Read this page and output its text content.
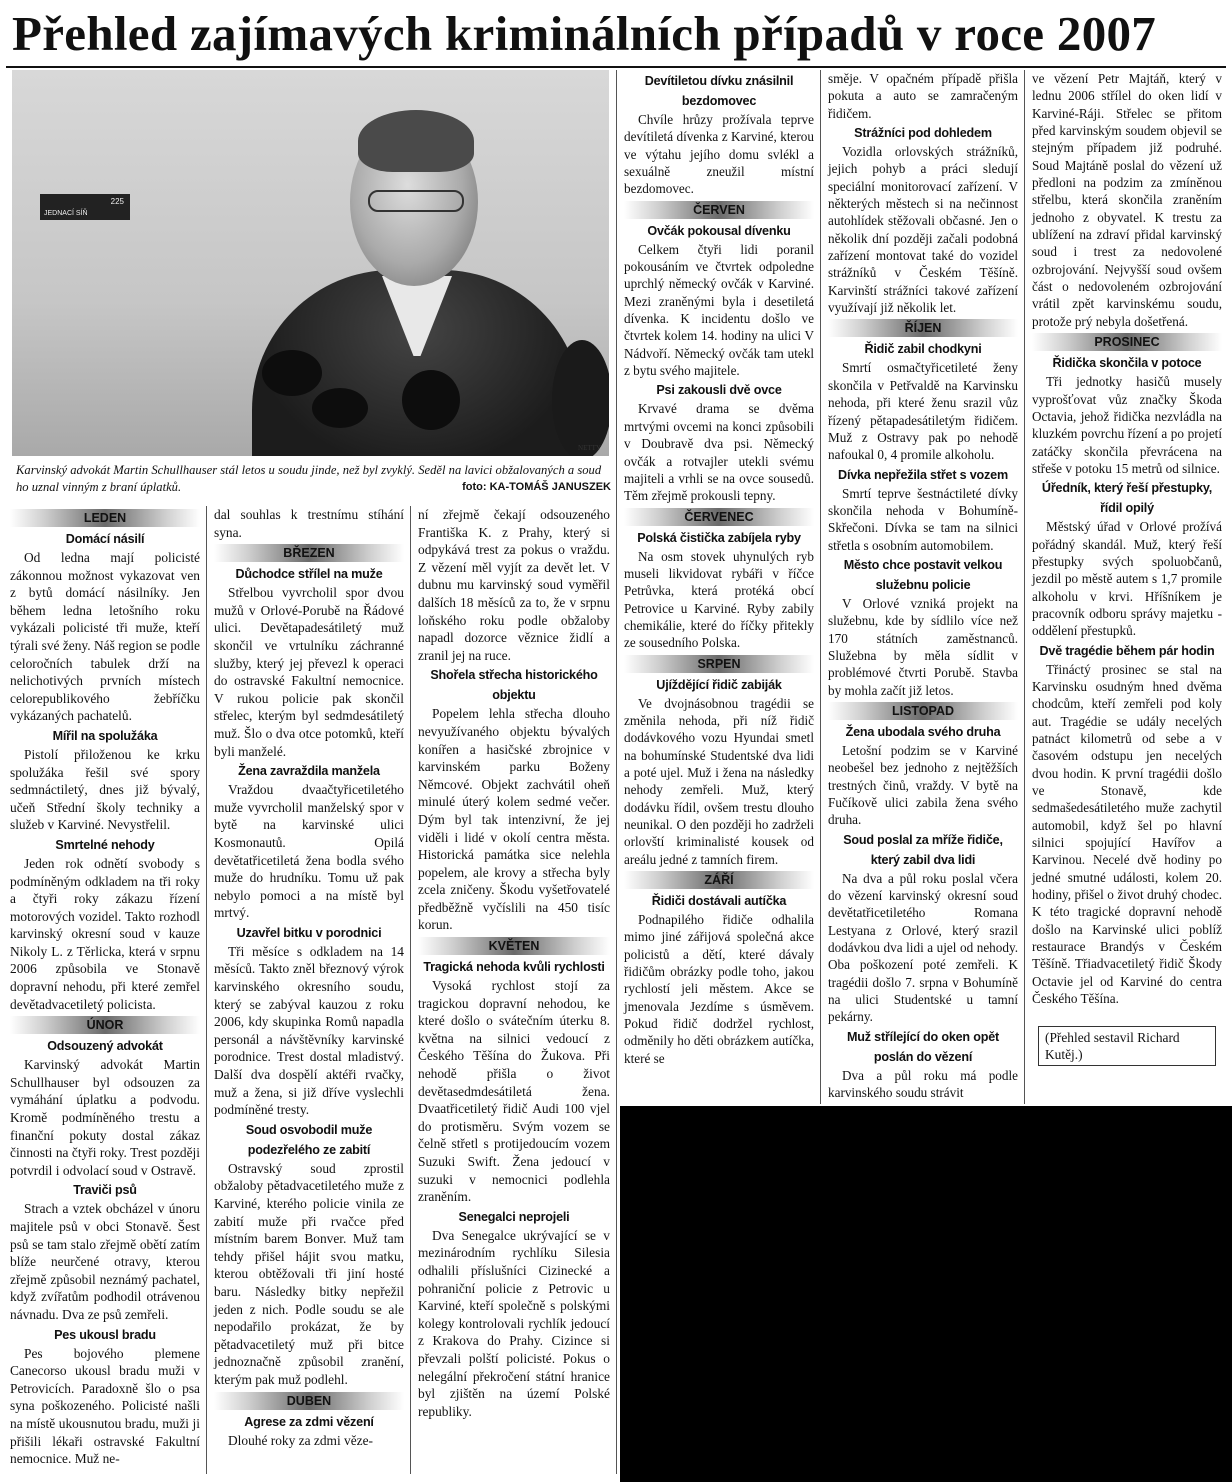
Přehled zajímavých kriminálních případů v roce 2007
225
JEDNACÍ SÍŇ
NETTY
Karvinský advokát Martin Schullhauser stál letos u soudu jinde, než byl zvyklý. Seděl na lavici obžalovaných a soud ho uznal vinným z braní úplatků.	foto: KA-TOMÁŠ JANUSZEK
LEDEN
Domácí násilí

Od ledna mají policisté zákonnou možnost vykazovat ven z bytů domácí násilníky. Jen během ledna letošního roku vykázali policisté tři muže, kteří týrali své ženy. Náš region se podle celoročních tabulek drží na nelichotivých prvních místech celorepublikového žebříčku vykázaných pachatelů.

Mířil na spolužáka

Pistolí přiloženou ke krku spolužáka řešil své spory sedmnáctiletý, dnes již bývalý, učeň Střední školy techniky a služeb v Karviné. Nevystřelil.

Smrtelné nehody

Jeden rok odnětí svobody s podmíněným odkladem na tři roky a čtyři roky zákazu řízení motorových vozidel. Takto rozhodl karvinský okresní soud v kauze Nikoly L. z Těrlicka, která v srpnu 2006 způsobila ve Stonavě dopravní nehodu, při které zemřel devětadvacetiletý policista.

ÚNOR
Odsouzený advokát

Karvinský advokát Martin Schullhauser byl odsouzen za vymáhání úplatku a podvodu. Kromě podmíněného trestu a finanční pokuty dostal zákaz činnosti na čtyři roky. Trest později potvrdil i odvolací soud v Ostravě.

Traviči psů

Strach a vztek obcházel v únoru majitele psů v obci Stonavě. Šest psů se tam stalo zřejmě obětí zatím blíže neurčené otravy, kterou zřejmě způsobil neznámý pachatel, když zvířatům podhodil otrávenou návnadu. Dva ze psů zemřeli.

Pes ukousl bradu

Pes bojového plemene Canecorso ukousl bradu muži v Petrovicích. Paradoxně šlo o psa syna poškozeného. Policisté našli na místě ukousnutou bradu, muži ji přišili lékaři ostravské Fakultní nemocnice. Muž ne-

dal souhlas k trestnímu stíhání syna.

BŘEZEN
Důchodce střílel na muže

Střelbou vyvrcholil spor dvou mužů v Orlové-Porubě na Řádové ulici. Devětapadesátiletý muž skončil ve vrtulníku záchranné služby, který jej převezl k operaci do ostravské Fakultní nemocnice. V rukou policie pak skončil střelec, kterým byl sedmdesátiletý muž. Šlo o dva otce potomků, kteří byli manželé.

Žena zavraždila manžela

Vraždou dvaačtyřicetiletého muže vyvrcholil manželský spor v bytě na karvinské ulici Kosmonautů. Opilá devětatřicetiletá žena bodla svého muže do hrudníku. Tomu už pak nebylo pomoci a na místě byl mrtvý.

Uzavřel bitku v porodnici

Tři měsíce s odkladem na 14 měsíců. Takto zněl březnový výrok karvinského okresního soudu, který se zabýval kauzou z roku 2006, kdy skupinka Romů napadla personál a návštěvníky karvinské porodnice. Trest dostal mladistvý. Další dva dospělí aktéři rvačky, muž a žena, si již dříve vyslechli podmíněné tresty.

Soud osvobodil muže podezřelého ze zabití

Ostravský soud zprostil obžaloby pětadvacetiletého muže z Karviné, kterého policie vinila ze zabití muže při rvačce před místním barem Bonver. Muž tam tehdy přišel hájit svou matku, kterou obtěžovali tři jiní hosté baru. Následky bitky nepřežil jeden z nich. Podle soudu se ale nepodařilo prokázat, že by pětadvacetiletý muž při bitce jednoznačně způsobil zranění, kterým pak muž podlehl.

DUBEN
Agrese za zdmi vězení

Dlouhé roky za zdmi věze-

ní zřejmě čekají odsouzeného Františka K. z Prahy, který si odpykává trest za pokus o vraždu. Z vězení měl vyjít za devět let. V dubnu mu karvinský soud vyměřil dalších 18 měsíců za to, že v srpnu loňského roku podle obžaloby napadl dozorce věznice židlí a zranil jej na ruce.

Shořela střecha historického objektu

Popelem lehla střecha dlouho nevyužívaného objektu bývalých konířen a hasičské zbrojnice v karvinském parku Boženy Němcové. Objekt zachvátil oheň minulé úterý kolem sedmé večer. Dým byl tak intenzivní, že jej viděli i lidé v okolí centra města. Historická památka sice nelehla popelem, ale krovy a střecha byly zcela zničeny. Škodu vyšetřovatelé předběžně vyčíslili na 450 tisíc korun.

KVĚTEN
Tragická nehoda kvůli rychlosti

Vysoká rychlost stojí za tragickou dopravní nehodou, ke které došlo o svátečním úterku 8. května na silnici vedoucí z Českého Těšína do Žukova. Při nehodě přišla o život devětasedmdesátiletá žena. Dvaatřicetiletý řidič Audi 100 vjel do protisměru. Svým vozem se čelně střetl s protijedoucím vozem Suzuki Swift. Žena jedoucí v suzuki v nemocnici podlehla zraněním.

Senegalci neprojeli

Dva Senegalce ukrývající se v mezinárodním rychlíku Silesia odhalili příslušníci Cizinecké a pohraniční policie z Petrovic u Karviné, kteří společně s polskými kolegy kontrolovali rychlík jedoucí z Krakova do Prahy. Cizince si převzali polští policisté. Pokus o nelegální překročení státní hranice byl zjištěn na území Polské republiky.

Devítiletou dívku znásilnil bezdomovec

Chvíle hrůzy prožívala teprve devítiletá dívenka z Karviné, kterou ve výtahu jejího domu svlékl a sexuálně zneužil místní bezdomovec.

ČERVEN
Ovčák pokousal dívenku

Celkem čtyři lidi poranil pokousáním ve čtvrtek odpoledne uprchlý německý ovčák v Karviné. Mezi zraněnými byla i desetiletá dívenka. K incidentu došlo ve čtvrtek kolem 14. hodiny na ulici V Nádvoří. Německý ovčák tam utekl z bytu svého majitele.

Psi zakousli dvě ovce

Krvavé drama se dvěma mrtvými ovcemi na konci způsobili v Doubravě dva psi. Německý ovčák a rotvajler utekli svému majiteli a vrhli se na ovce sousedů. Těm zřejmě prokousli tepny.

ČERVENEC
Polská čistička zabíjela ryby

Na osm stovek uhynulých ryb museli likvidovat rybáři v říčce Petrůvka, která protéká obcí Petrovice u Karviné. Ryby zabily chemikálie, které do říčky přitekly ze sousedního Polska.

SRPEN
Ujíždějící řidič zabiják

Ve dvojnásobnou tragédii se změnila nehoda, při níž řidič dodávkového vozu Hyundai smetl na bohumínské Studentské dva lidi a poté ujel. Muž i žena na následky nehody zemřeli. Muž, který dodávku řídil, ovšem trestu dlouho neunikal. O den později ho zadrželi orlovští kriminalisté kousek od areálu jedné z tamních firem.

ZÁŘÍ
Řidiči dostávali autíčka

Podnapilého řidiče odhalila mimo jiné zářijová společná akce policistů a dětí, které dávaly řidičům obrázky podle toho, jakou rychlostí jeli městem. Akce se jmenovala Jezdíme s úsměvem. Pokud řidič dodržel rychlost, odměnily ho děti obrázkem autíčka, které se

směje. V opačném případě přišla pokuta a auto se zamračeným řidičem.

Strážníci pod dohledem

Vozidla orlovských strážníků, jejich pohyb a práci sledují speciální monitorovací zařízení. V některých městech si na nečinnost autohlídek stěžovali občasné. Jen o několik dní později začali podobná zařízení montovat také do vozidel strážníků v Českém Těšíně. Karvinští strážníci takové zařízení využívají již několik let.

ŘÍJEN
Řidič zabil chodkyni

Smrtí osmačtyřicetileté ženy skončila v Petřvaldě na Karvinsku nehoda, při které ženu srazil vůz řízený pětapadesátiletým řidičem. Muž z Ostravy pak po nehodě nafoukal 0, 4 promile alkoholu.

Dívka nepřežila střet s vozem

Smrtí teprve šestnáctileté dívky skončila nehoda v Bohumíně-Skřečoni. Dívka se tam na silnici střetla s osobním automobilem.

Město chce postavit velkou služebnu policie

V Orlové vzniká projekt na služebnu, kde by sídlilo více než 170 státních zaměstnanců. Služebna by měla sídlit v problémové čtvrti Porubě. Stavba by mohla začít již letos.

LISTOPAD
Žena ubodala svého druha

Letošní podzim se v Karviné neobešel bez jednoho z nejtěžších trestných činů, vraždy. V bytě na Fučíkově ulici zabila žena svého druha.

Soud poslal za mříže řidiče, který zabil dva lidi

Na dva a půl roku poslal včera do vězení karvinský okresní soud devětatřicetiletého Romana Lestyana z Orlové, který srazil dodávkou dva lidi a ujel od nehody. Oba poškození poté zemřeli. K tragédii došlo 7. srpna v Bohumíně na ulici Studentské u tamní pekárny.

Muž střílející do oken opět poslán do vězení

Dva a půl roku má podle karvinského soudu strávit

ve vězení Petr Majtáň, který v lednu 2006 střílel do oken lidí v Karviné-Ráji. Střelec se přitom před karvinským soudem objevil se stejným případem již podruhé. Soud Majtáně poslal do vězení už předloni na podzim za zmíněnou střelbu, která skončila zraněním jednoho z obyvatel. K trestu za ublížení na zdraví přidal karvinský soud i trest za nedovolené ozbrojování. Nejvyšší soud ovšem část o nedovoleném ozbrojování vrátil zpět karvinskému soudu, protože prý nebyla došetřená.

PROSINEC
Řidička skončila v potoce

Tři jednotky hasičů musely vyprošťovat vůz značky Škoda Octavia, jehož řidička nezvládla na kluzkém povrchu řízení a po projetí zatáčky skončila převrácena na střeše v potoku 15 metrů od silnice.

Úředník, který řeší přestupky, řídil opilý

Městský úřad v Orlové prožívá pořádný skandál. Muž, který řeší přestupky svých spoluobčanů, jezdil po městě autem s 1,7 promile alkoholu v krvi. Hříšníkem je pracovník odboru správy majetku - oddělení přestupků.

Dvě tragédie během pár hodin

Třináctý prosinec se stal na Karvinsku osudným hned dvěma chodcům, kteří zemřeli pod koly aut. Tragédie se udály necelých patnáct kilometrů od sebe a v časovém odstupu jen necelých dvou hodin. K první tragédii došlo ve Stonavě, kde sedmašedesátiletého muže zachytil automobil, když šel po hlavní silnici spojující Havířov a Karvinou. Necelé dvě hodiny po jedné smutné události, kolem 20. hodiny, přišel o život druhý chodec. K této tragické dopravní nehodě došlo na Karvinské ulici poblíž restaurace Brandýs v Českém Těšíně. Třiadvacetiletý řidič Škody Octavie jel od Karviné do centra Českého Těšína.

(Přehled sestavil Richard Kutěj.)
